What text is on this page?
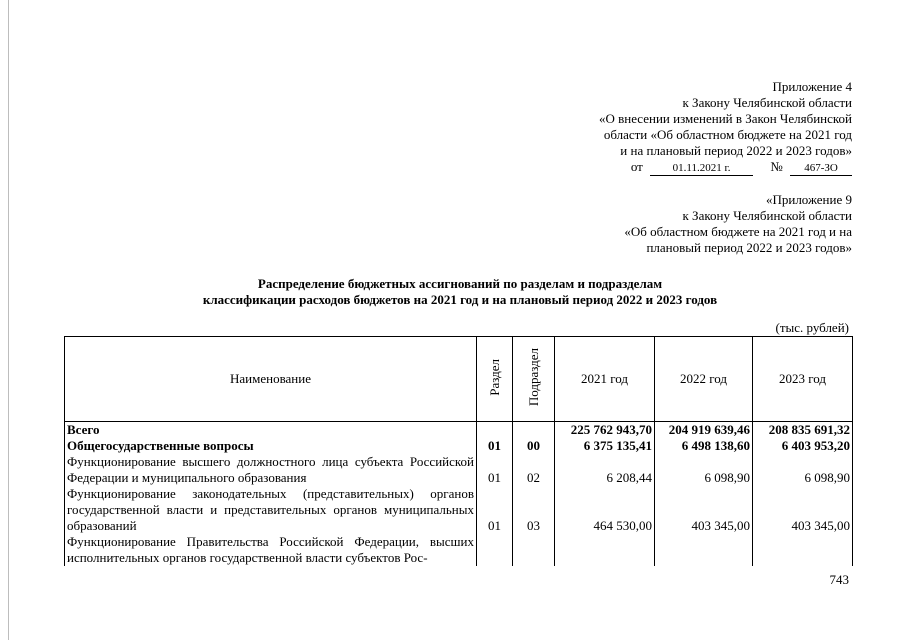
Приложение 4
к Закону Челябинской области
«О внесении изменений в Закон Челябинской
области «Об областном бюджете на 2021 год
и на плановый период 2022 и 2023 годов»
от	01.11.2021 г.	№ 467-ЗО
«Приложение 9
к Закону Челябинской области
«Об областном бюджете на 2021 год и на
плановый период 2022 и 2023 годов»
Распределение бюджетных ассигнований по разделам и подразделам
классификации расходов бюджетов на 2021 год и на плановый период 2022 и 2023 годов
(тыс. рублей)
Наименование	Раздел	Подраздел	2021 год	2022 год	2023 год
Всего			225 762 943,70	204 919 639,46	208 835 691,32
Общегосударственные вопросы	01	00	6 375 135,41	6 498 138,60	6 403 953,20
Функционирование высшего должностного лица субъекта Российской Федерации и муниципального образования	01	02	6 208,44	6 098,90	6 098,90
Функционирование законодательных (представительных) органов государственной власти и представительных органов муниципальных образований	01	03	464 530,00	403 345,00	403 345,00
Функционирование Правительства Российской Федерации, высших исполнительных органов государственной власти субъектов Рос-					
743
